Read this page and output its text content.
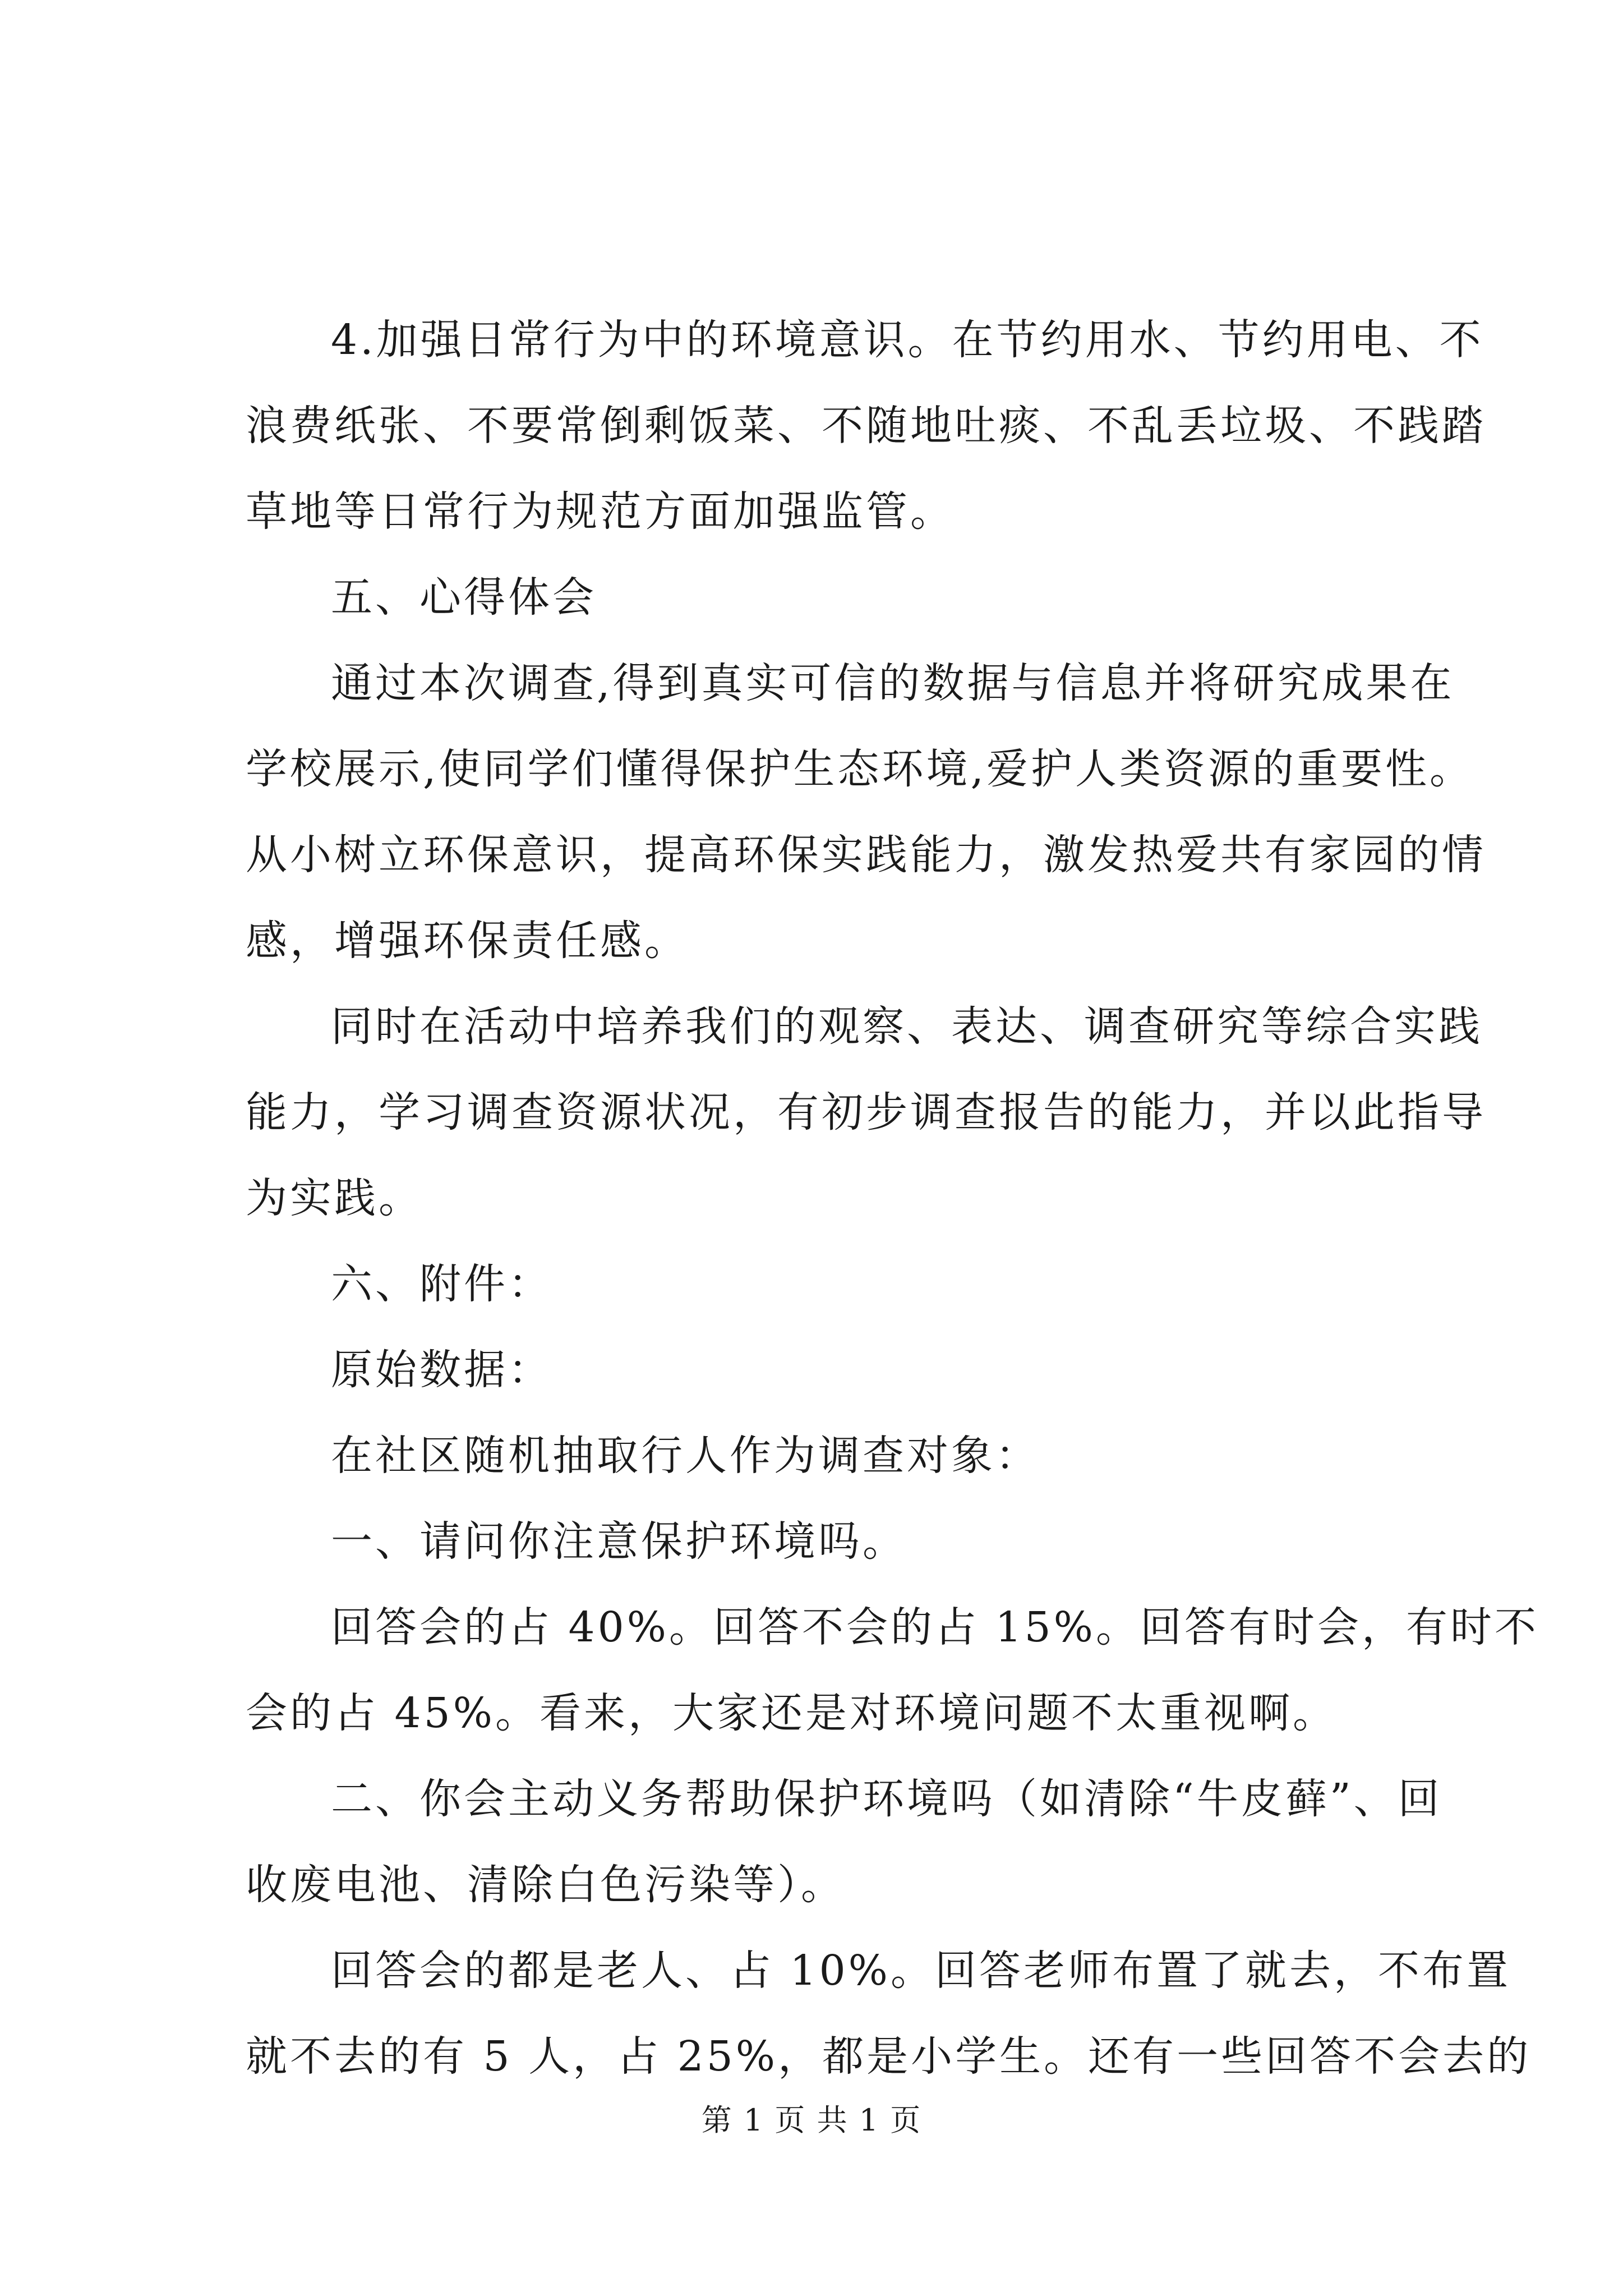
4.加强日常行为中的环境意识。在节约用水、节约用电、不
浪费纸张、不要常倒剩饭菜、不随地吐痰、不乱丢垃圾、不践踏
草地等日常行为规范方面加强监管。
五、心得体会
通过本次调查,得到真实可信的数据与信息并将研究成果在
学校展示,使同学们懂得保护生态环境,爱护人类资源的重要性。
从小树立环保意识，提高环保实践能力，激发热爱共有家园的情
感，增强环保责任感。
同时在活动中培养我们的观察、表达、调查研究等综合实践
能力，学习调查资源状况，有初步调查报告的能力，并以此指导
为实践。
六、附件：
原始数据：
在社区随机抽取行人作为调查对象：
一、请问你注意保护环境吗。
回答会的占 40%。回答不会的占 15%。回答有时会，有时不
会的占 45%。看来，大家还是对环境问题不太重视啊。
二、你会主动义务帮助保护环境吗（如清除“牛皮藓”、回
收废电池、清除白色污染等）。
回答会的都是老人、占 10%。回答老师布置了就去，不布置
就不去的有 5 人，占 25%，都是小学生。还有一些回答不会去的
第 1 页 共 1 页
